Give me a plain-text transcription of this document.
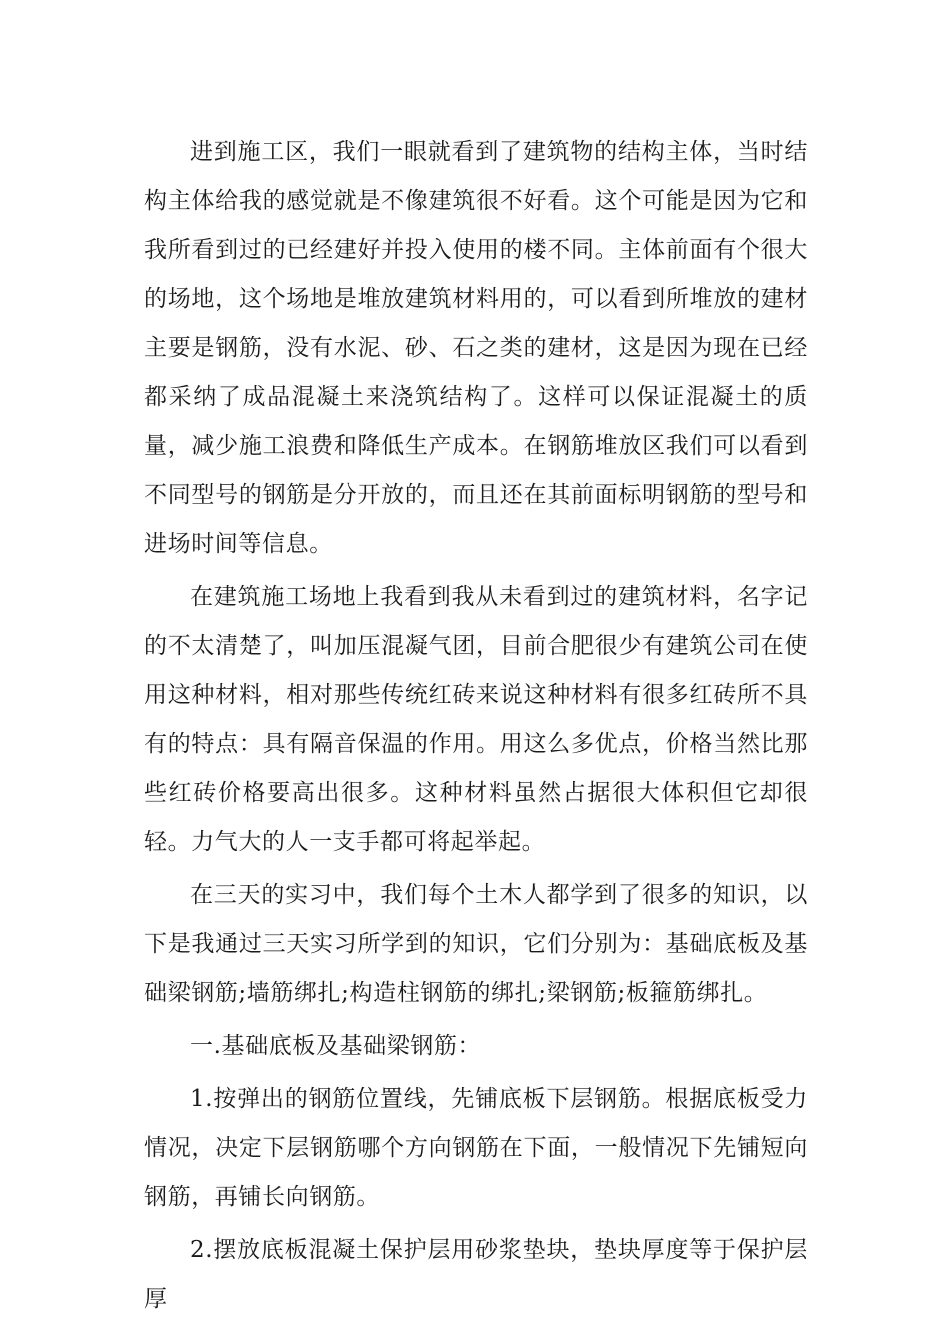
进到施工区，我们一眼就看到了建筑物的结构主体，当时结构主体给我的感觉就是不像建筑很不好看。这个可能是因为它和我所看到过的已经建好并投入使用的楼不同。主体前面有个很大的场地，这个场地是堆放建筑材料用的，可以看到所堆放的建材主要是钢筋，没有水泥、砂、石之类的建材，这是因为现在已经都采纳了成品混凝土来浇筑结构了。这样可以保证混凝土的质量，减少施工浪费和降低生产成本。在钢筋堆放区我们可以看到不同型号的钢筋是分开放的，而且还在其前面标明钢筋的型号和进场时间等信息。

在建筑施工场地上我看到我从未看到过的建筑材料，名字记的不太清楚了，叫加压混凝气团，目前合肥很少有建筑公司在使用这种材料，相对那些传统红砖来说这种材料有很多红砖所不具有的特点：具有隔音保温的作用。用这么多优点，价格当然比那些红砖价格要高出很多。这种材料虽然占据很大体积但它却很轻。力气大的人一支手都可将起举起。

在三天的实习中，我们每个土木人都学到了很多的知识，以下是我通过三天实习所学到的知识，它们分别为：基础底板及基础梁钢筋;墙筋绑扎;构造柱钢筋的绑扎;梁钢筋;板箍筋绑扎。

一.基础底板及基础梁钢筋：

1.按弹出的钢筋位置线，先铺底板下层钢筋。根据底板受力情况，决定下层钢筋哪个方向钢筋在下面，一般情况下先铺短向钢筋，再铺长向钢筋。

2.摆放底板混凝土保护层用砂浆垫块，垫块厚度等于保护层厚
